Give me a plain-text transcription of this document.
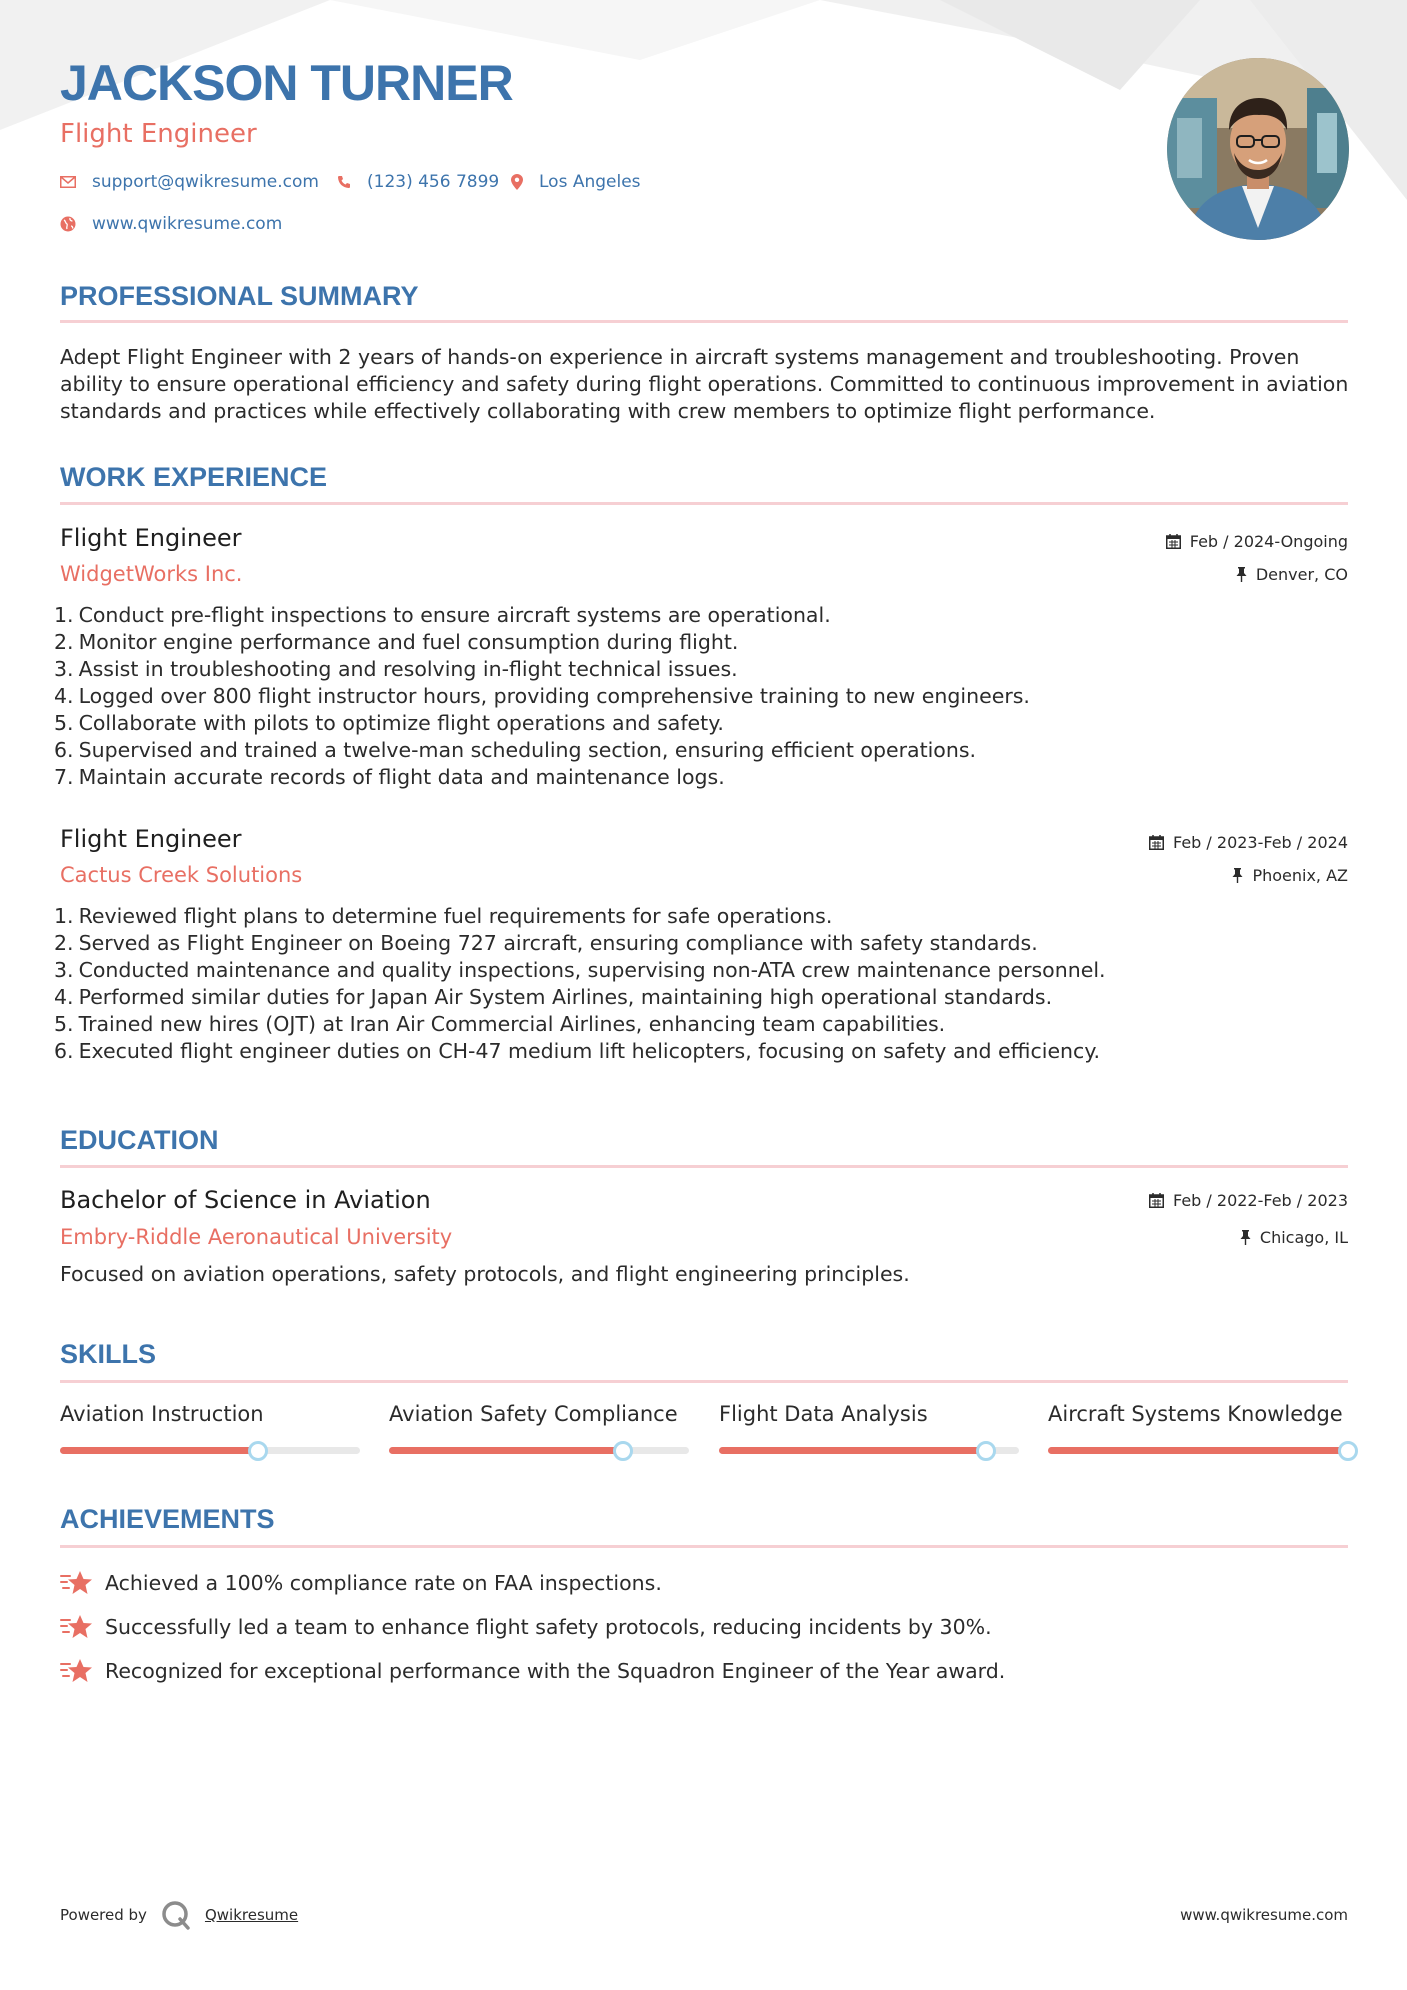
JACKSON TURNER
Flight Engineer
support@qwikresume.com	(123) 456 7899 Los Angeles
www.qwikresume.com
PROFESSIONAL SUMMARY

Adept Flight Engineer with 2 years of hands-on experience in aircraft systems management and troubleshooting. Proven ability to ensure operational efficiency and safety during flight operations. Committed to continuous improvement in aviation standards and practices while effectively collaborating with crew members to optimize flight performance.

WORK EXPERIENCE
Flight Engineer
WidgetWorks Inc.
Feb / 2024-Ongoing
Denver, CO
1. Conduct pre-flight inspections to ensure aircraft systems are operational.
2. Monitor engine performance and fuel consumption during flight.
3. Assist in troubleshooting and resolving in-flight technical issues.
4. Logged over 800 flight instructor hours, providing comprehensive training to new engineers.
5. Collaborate with pilots to optimize flight operations and safety.
6. Supervised and trained a twelve-man scheduling section, ensuring efficient operations.
7. Maintain accurate records of flight data and maintenance logs.
Flight Engineer
Cactus Creek Solutions
Feb / 2023-Feb / 2024
Phoenix, AZ
1. Reviewed flight plans to determine fuel requirements for safe operations.
2. Served as Flight Engineer on Boeing 727 aircraft, ensuring compliance with safety standards.
3. Conducted maintenance and quality inspections, supervising non-ATA crew maintenance personnel.
4. Performed similar duties for Japan Air System Airlines, maintaining high operational standards.
5. Trained new hires (OJT) at Iran Air Commercial Airlines, enhancing team capabilities.
6. Executed flight engineer duties on CH-47 medium lift helicopters, focusing on safety and efficiency.
EDUCATION
Bachelor of Science in Aviation
Embry-Riddle Aeronautical University
Feb / 2022-Feb / 2023
Chicago, IL
Focused on aviation operations, safety protocols, and flight engineering principles.
SKILLS
Aviation Instruction	Aviation Safety Compliance	Flight Data Analysis	Aircraft Systems Knowledge
ACHIEVEMENTS
Achieved a 100% compliance rate on FAA inspections.
Successfully led a team to enhance flight safety protocols, reducing incidents by 30%.
Recognized for exceptional performance with the Squadron Engineer of the Year award.
Powered by	Qwikresume	www.qwikresume.com
